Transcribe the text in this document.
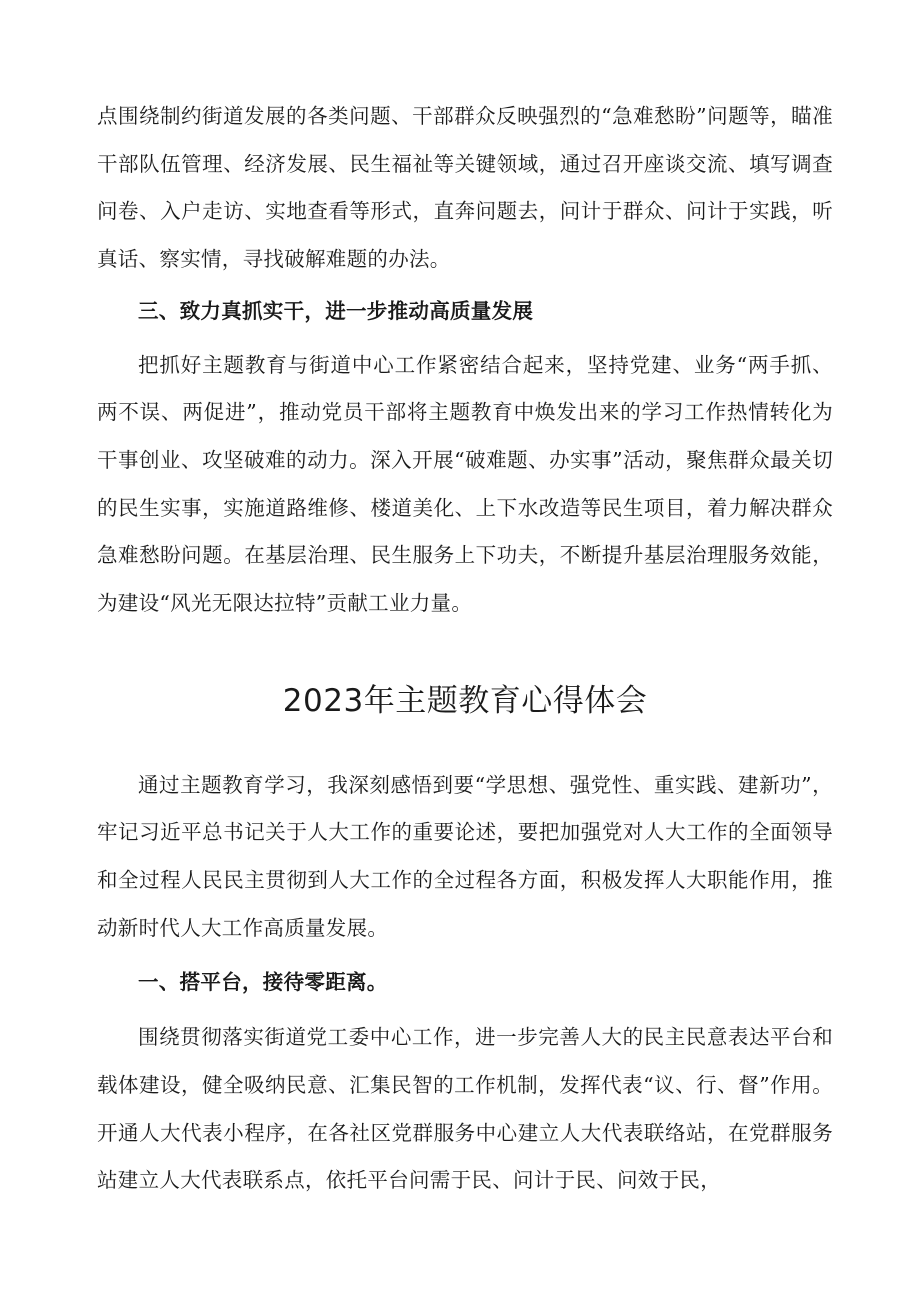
点围绕制约街道发展的各类问题、干部群众反映强烈的“急难愁盼”问题等，瞄准干部队伍管理、经济发展、民生福祉等关键领域，通过召开座谈交流、填写调查问卷、入户走访、实地查看等形式，直奔问题去，问计于群众、问计于实践，听真话、察实情，寻找破解难题的办法。

三、致力真抓实干，进一步推动高质量发展

把抓好主题教育与街道中心工作紧密结合起来，坚持党建、业务“两手抓、两不误、两促进”，推动党员干部将主题教育中焕发出来的学习工作热情转化为干事创业、攻坚破难的动力。深入开展“破难题、办实事”活动，聚焦群众最关切的民生实事，实施道路维修、楼道美化、上下水改造等民生项目，着力解决群众急难愁盼问题。在基层治理、民生服务上下功夫，不断提升基层治理服务效能，为建设“风光无限达拉特”贡献工业力量。

2023年主题教育心得体会

通过主题教育学习，我深刻感悟到要“学思想、强党性、重实践、建新功”，牢记习近平总书记关于人大工作的重要论述，要把加强党对人大工作的全面领导和全过程人民民主贯彻到人大工作的全过程各方面，积极发挥人大职能作用，推动新时代人大工作高质量发展。

一、搭平台，接待零距离。

围绕贯彻落实街道党工委中心工作，进一步完善人大的民主民意表达平台和载体建设，健全吸纳民意、汇集民智的工作机制，发挥代表“议、行、督”作用。开通人大代表小程序，在各社区党群服务中心建立人大代表联络站，在党群服务站建立人大代表联系点，依托平台问需于民、问计于民、问效于民，
